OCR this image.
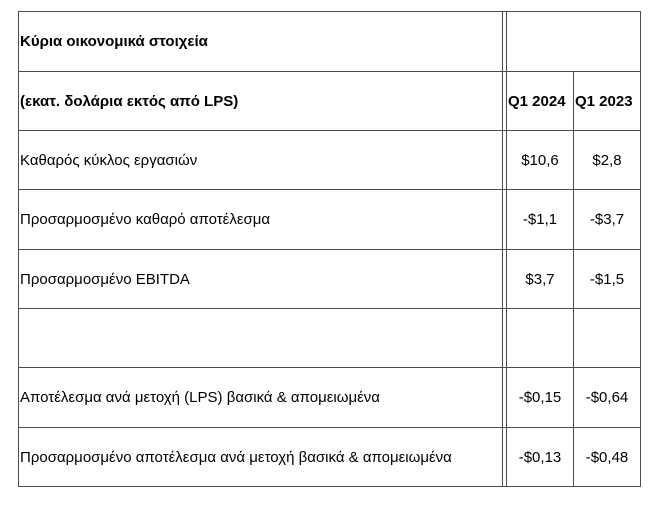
Κύρια οικονομικά στοιχεία			
(εκατ. δολάρια εκτός από LPS)		Q1 2024	Q1 2023
Καθαρός κύκλος εργασιών		$10,6	$2,8
Προσαρμοσμένο καθαρό αποτέλεσμα		-$1,1	-$3,7
Προσαρμοσμένο EBITDA		$3,7	-$1,5

Αποτέλεσμα ανά μετοχή (LPS) βασικά & απομειωμένα		-$0,15	-$0,64
Προσαρμοσμένο αποτέλεσμα ανά μετοχή βασικά & απομειωμένα		-$0,13	-$0,48
